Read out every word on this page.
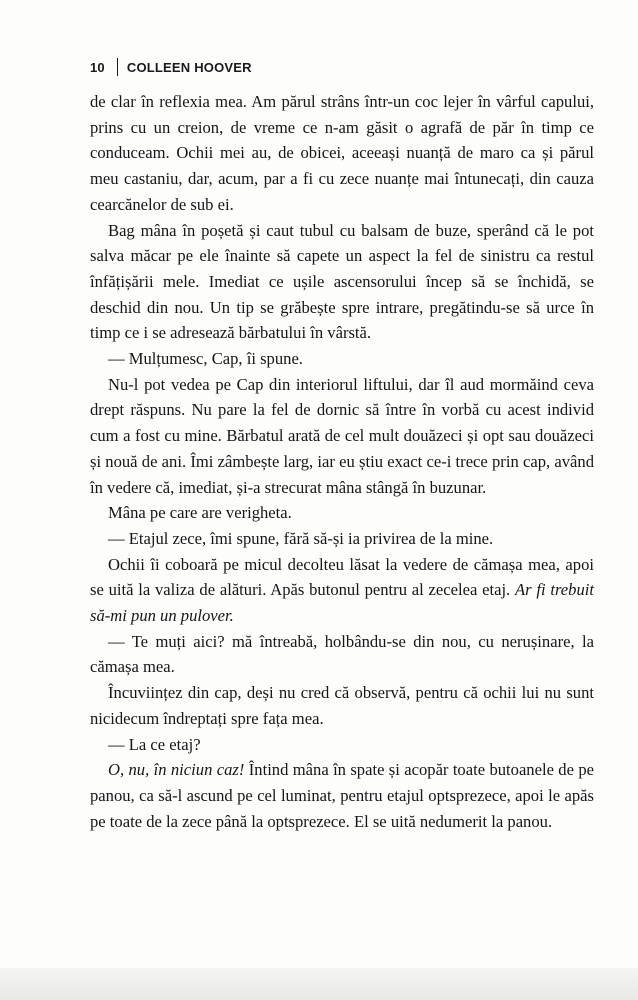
10 COLLEEN HOOVER

de clar în reflexia mea. Am părul strâns într-un coc lejer în vârful capului, prins cu un creion, de vreme ce n-am găsit o agrafă de păr în timp ce conduceam. Ochii mei au, de obicei, aceeași nuanță de maro ca și părul meu castaniu, dar, acum, par a fi cu zece nuanțe mai întunecați, din cauza cearcănelor de sub ei.

Bag mâna în poșetă și caut tubul cu balsam de buze, sperând că le pot salva măcar pe ele înainte să capete un aspect la fel de sinistru ca restul înfățișării mele. Imediat ce ușile ascensorului încep să se închidă, se deschid din nou. Un tip se grăbește spre intrare, pregătindu-se să urce în timp ce i se adresează bărbatului în vârstă.

— Mulțumesc, Cap, îi spune.

Nu-l pot vedea pe Cap din interiorul liftului, dar îl aud mormăind ceva drept răspuns. Nu pare la fel de dornic să între în vorbă cu acest individ cum a fost cu mine. Bărbatul arată de cel mult douăzeci și opt sau douăzeci și nouă de ani. Îmi zâmbește larg, iar eu știu exact ce-i trece prin cap, având în vedere că, imediat, și-a strecurat mâna stângă în buzunar.

Mâna pe care are verigheta.

— Etajul zece, îmi spune, fără să-și ia privirea de la mine.

Ochii îi coboară pe micul decolteu lăsat la vedere de cămașa mea, apoi se uită la valiza de alături. Apăs butonul pentru al zecelea etaj. Ar fi trebuit să-mi pun un pulover.

— Te muți aici? mă întreabă, holbându-se din nou, cu nerușinare, la cămașa mea.

Încuviințez din cap, deși nu cred că observă, pentru că ochii lui nu sunt nicidecum îndreptați spre fața mea.

— La ce etaj?

O, nu, în niciun caz! Întind mâna în spate și acopăr toate butoanele de pe panou, ca să-l ascund pe cel luminat, pentru etajul optsprezece, apoi le apăs pe toate de la zece până la optsprezece. El se uită nedumerit la panou.
